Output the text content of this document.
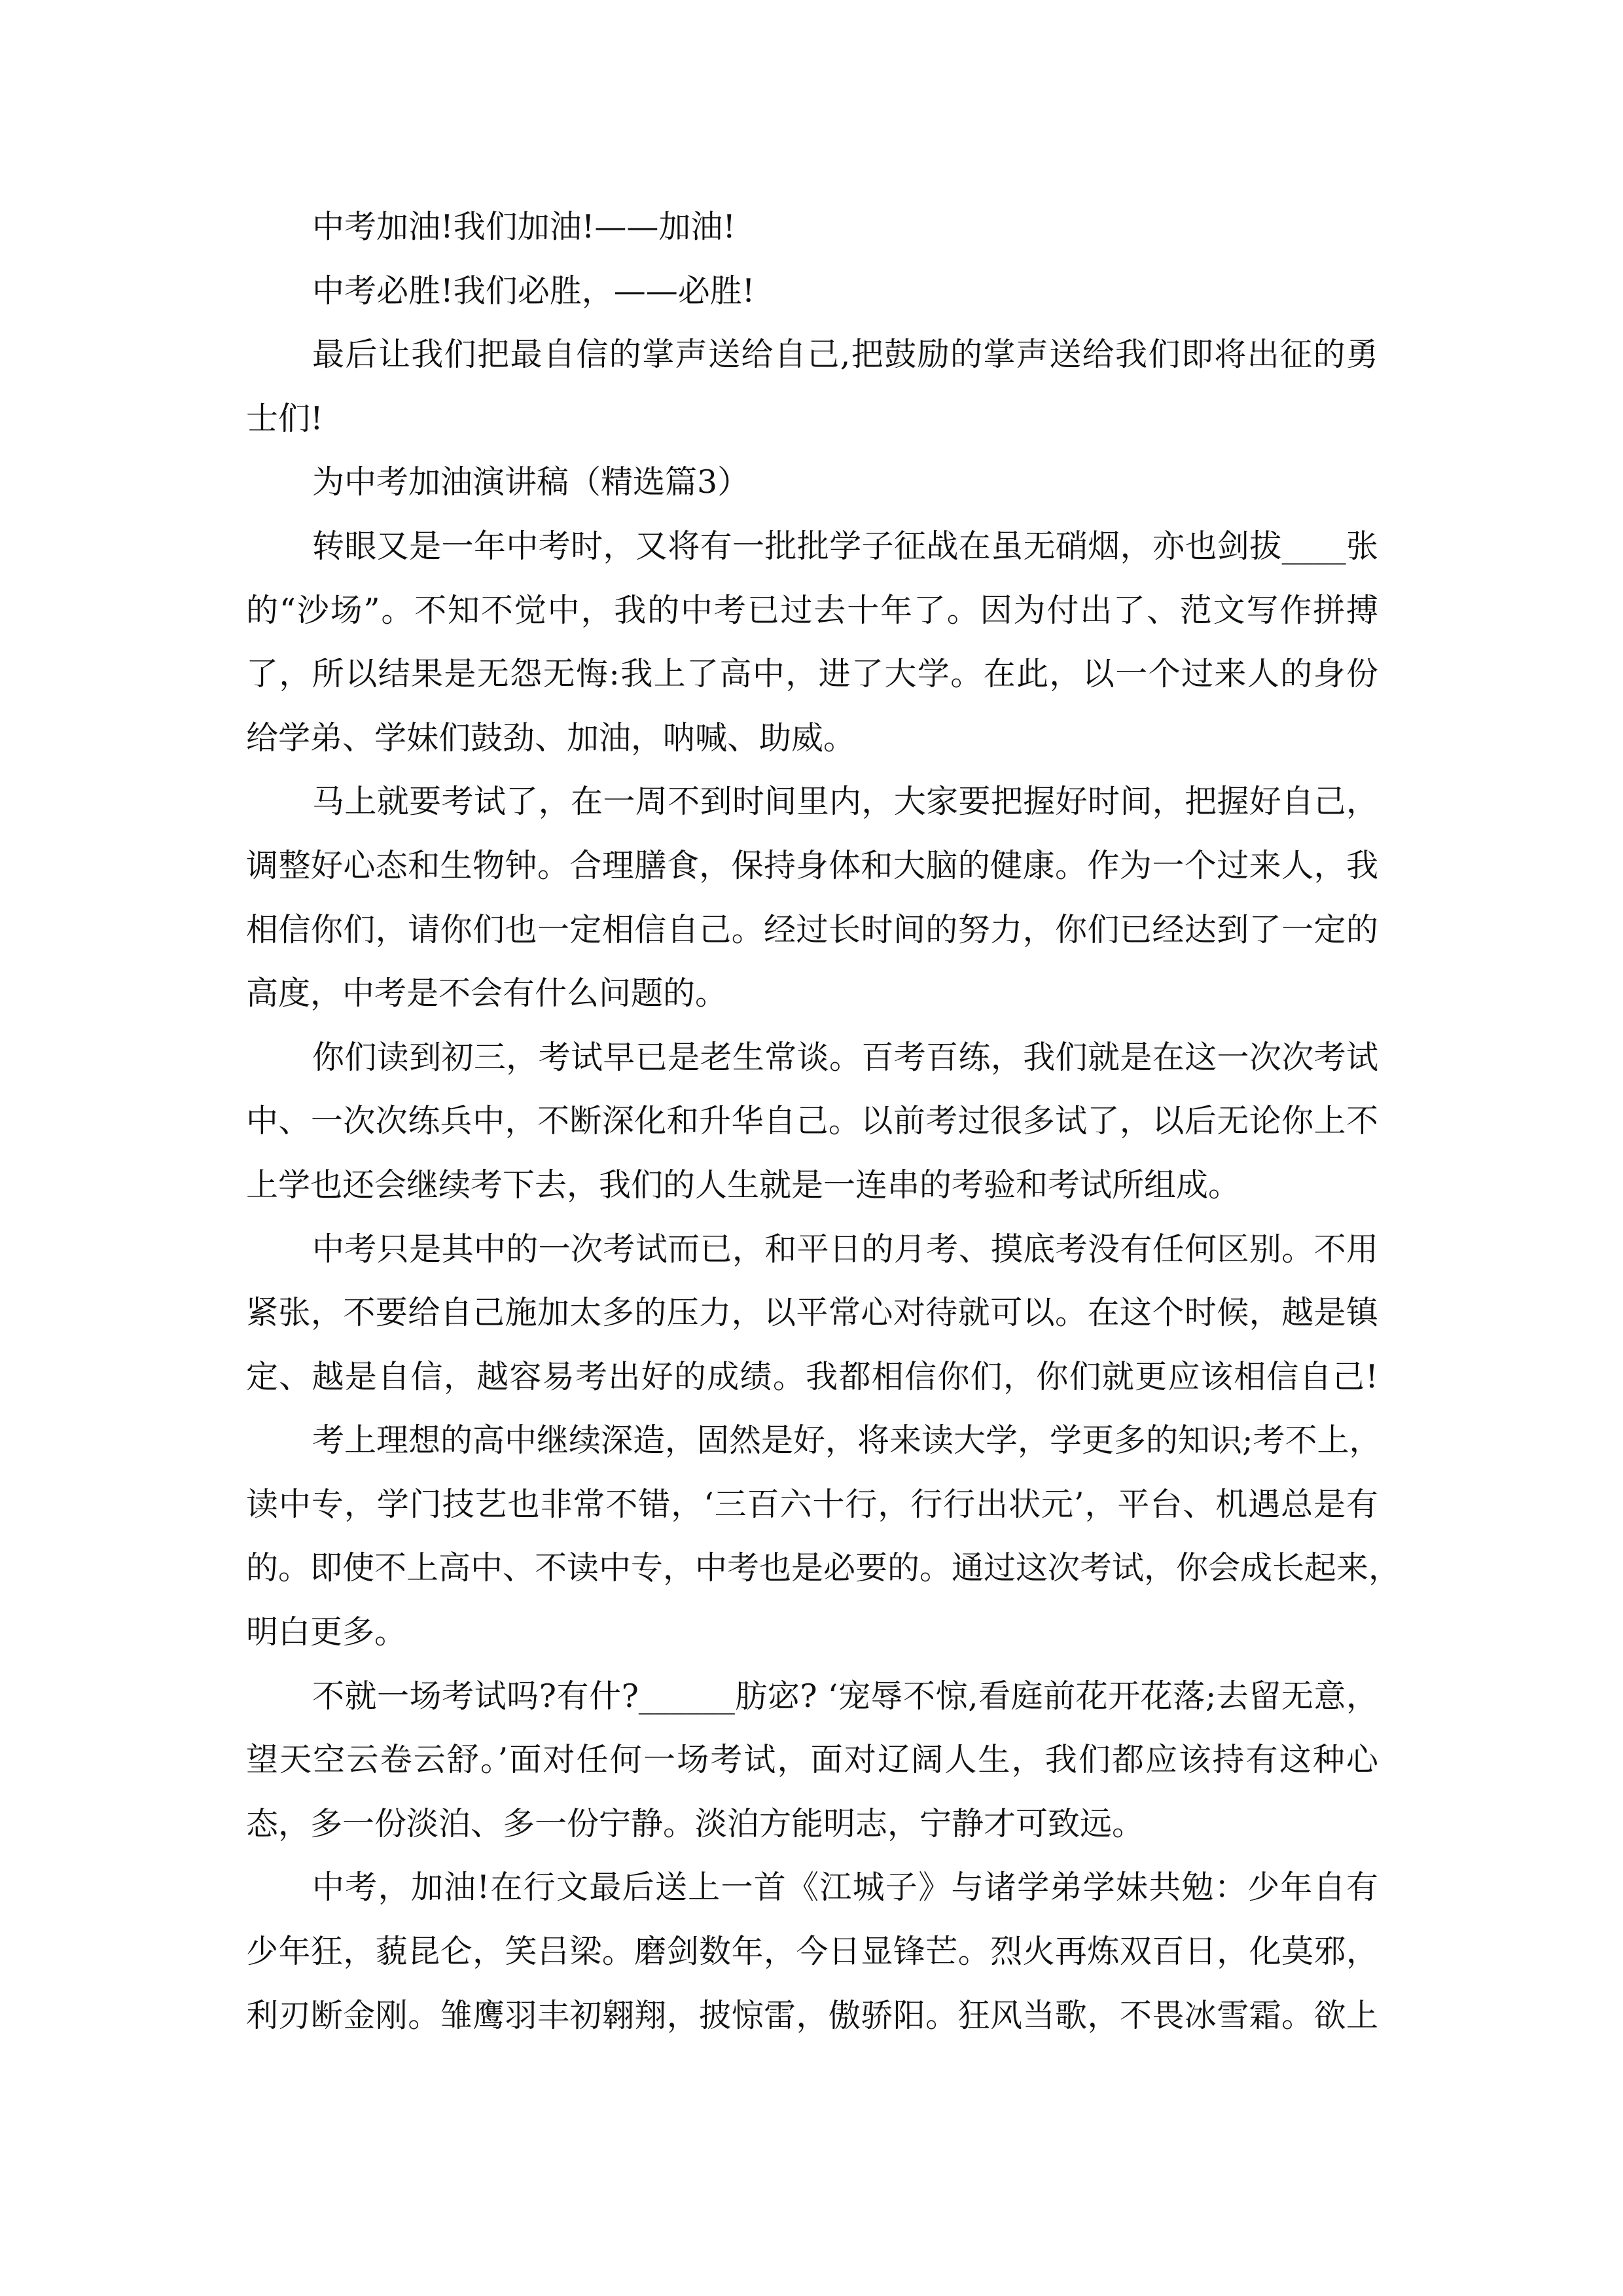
中考加油!我们加油!——加油!
中考必胜!我们必胜，——必胜!
最后让我们把最自信的掌声送给自己,把鼓励的掌声送给我们即将出征的勇
士们!
为中考加油演讲稿（精选篇3）
转眼又是一年中考时，又将有一批批学子征战在虽无硝烟，亦也剑拔____张
的“沙场”。不知不觉中，我的中考已过去十年了。因为付出了、范文写作拼搏
了，所以结果是无怨无悔:我上了高中，进了大学。在此，以一个过来人的身份
给学弟、学妹们鼓劲、加油，呐喊、助威。
马上就要考试了，在一周不到时间里内，大家要把握好时间，把握好自己，
调整好心态和生物钟。合理膳食，保持身体和大脑的健康。作为一个过来人，我
相信你们，请你们也一定相信自己。经过长时间的努力，你们已经达到了一定的
高度，中考是不会有什么问题的。
你们读到初三，考试早已是老生常谈。百考百练，我们就是在这一次次考试
中、一次次练兵中，不断深化和升华自己。以前考过很多试了，以后无论你上不
上学也还会继续考下去，我们的人生就是一连串的考验和考试所组成。
中考只是其中的一次考试而已，和平日的月考、摸底考没有任何区别。不用
紧张，不要给自己施加太多的压力，以平常心对待就可以。在这个时候，越是镇
定、越是自信，越容易考出好的成绩。我都相信你们，你们就更应该相信自己!
考上理想的高中继续深造，固然是好，将来读大学，学更多的知识;考不上，
读中专，学门技艺也非常不错，‘三百六十行，行行出状元’，平台、机遇总是有
的。即使不上高中、不读中专，中考也是必要的。通过这次考试，你会成长起来，
明白更多。
不就一场考试吗?有什?______肪宓? ‘宠辱不惊,看庭前花开花落;去留无意，
望天空云卷云舒。’面对任何一场考试，面对辽阔人生，我们都应该持有这种心
态，多一份淡泊、多一份宁静。淡泊方能明志，宁静才可致远。
中考，加油!在行文最后送上一首《江城子》与诸学弟学妹共勉：少年自有
少年狂，藐昆仑，笑吕梁。磨剑数年，今日显锋芒。烈火再炼双百日，化莫邪，
利刃断金刚。雏鹰羽丰初翱翔，披惊雷，傲骄阳。狂风当歌，不畏冰雪霜。欲上
